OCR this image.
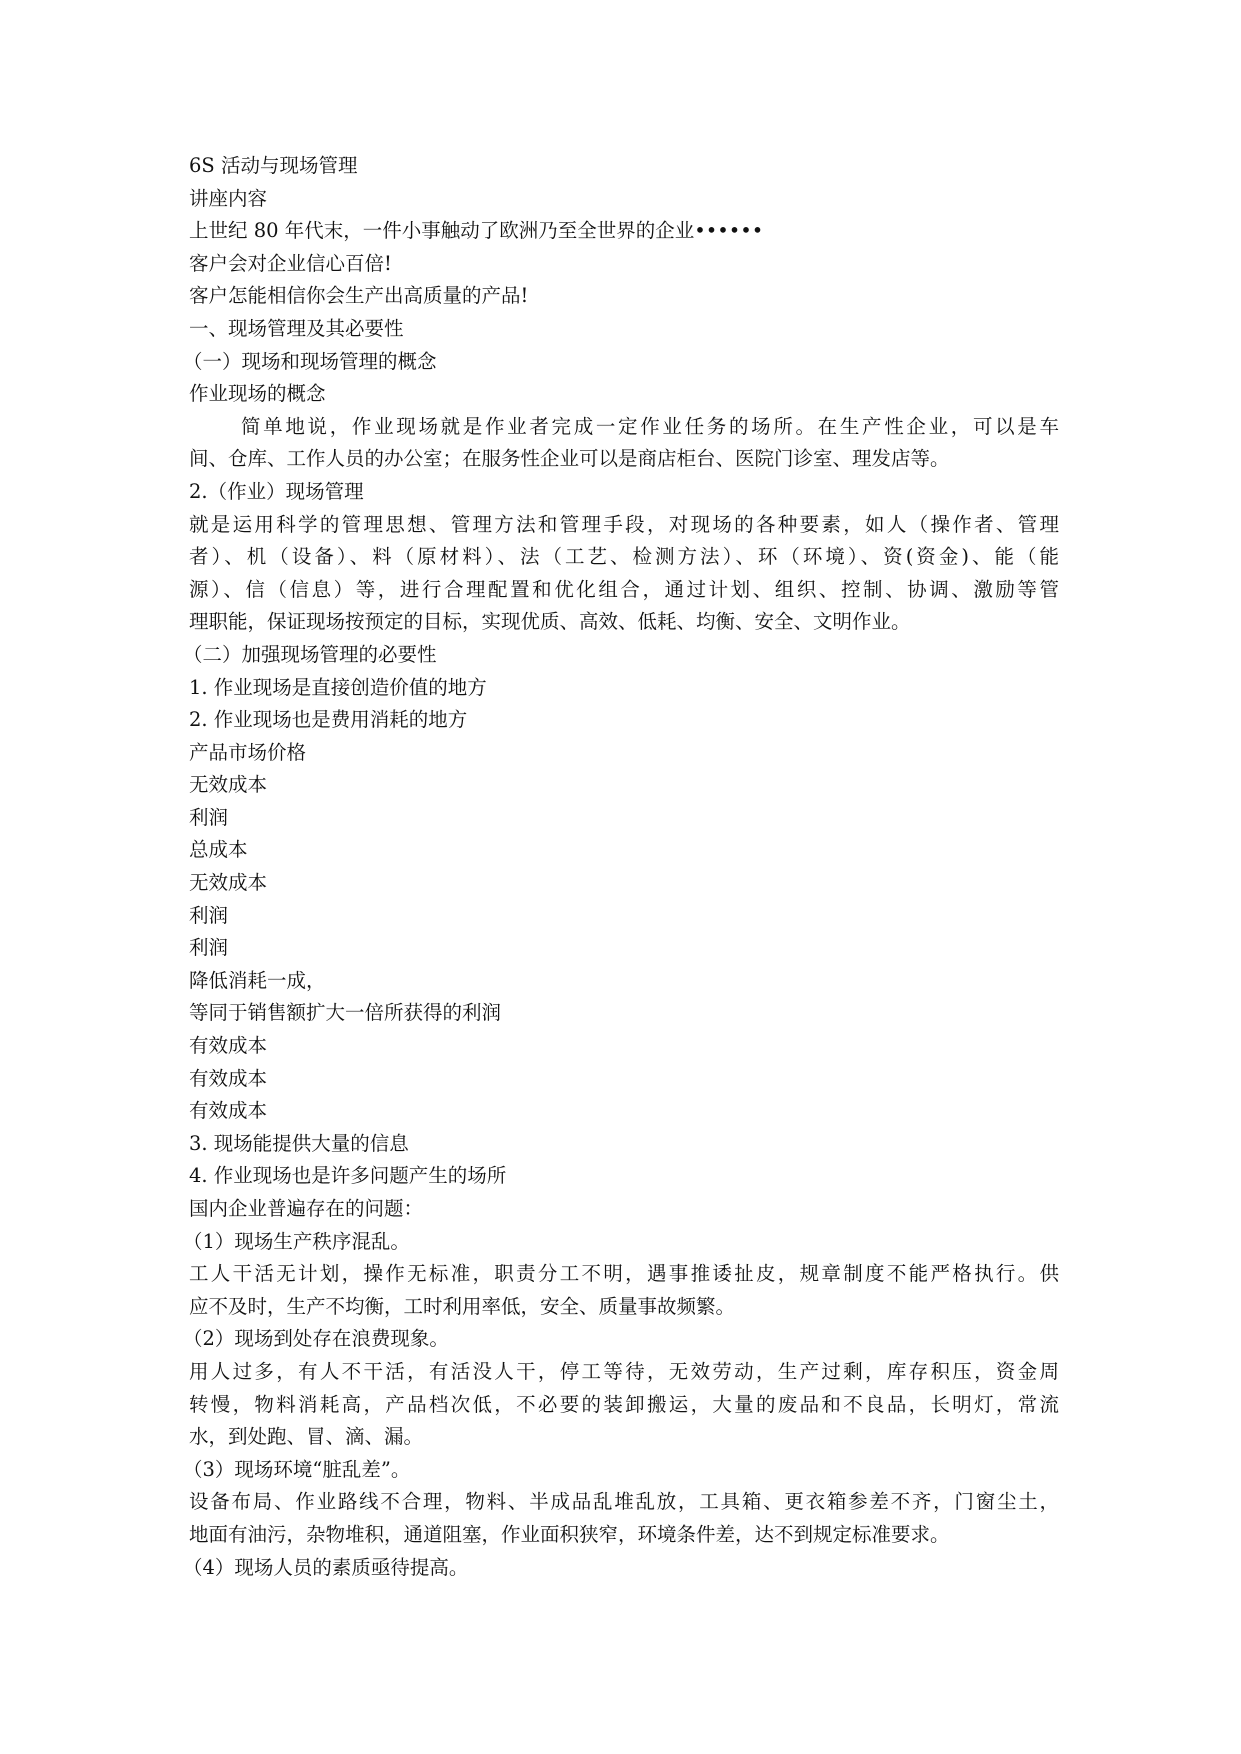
6S 活动与现场管理
讲座内容
上世纪 80 年代末，一件小事触动了欧洲乃至全世界的企业••••••
客户会对企业信心百倍!
客户怎能相信你会生产出高质量的产品!
一、现场管理及其必要性
（一）现场和现场管理的概念
作业现场的概念
简单地说，作业现场就是作业者完成一定作业任务的场所。在生产性企业，可以是车
间、仓库、工作人员的办公室；在服务性企业可以是商店柜台、医院门诊室、理发店等。
2.（作业）现场管理
就是运用科学的管理思想、管理方法和管理手段，对现场的各种要素，如人（操作者、管理
者）、机（设备）、料（原材料）、法（工艺、检测方法）、环（环境）、资(资金)、能（能
源）、信（信息）等，进行合理配置和优化组合，通过计划、组织、控制、协调、激励等管
理职能，保证现场按预定的目标，实现优质、高效、低耗、均衡、安全、文明作业。
（二）加强现场管理的必要性
1. 作业现场是直接创造价值的地方
2. 作业现场也是费用消耗的地方
产品市场价格
无效成本
利润
总成本
无效成本
利润
利润
降低消耗一成，
等同于销售额扩大一倍所获得的利润
有效成本
有效成本
有效成本
3. 现场能提供大量的信息
4. 作业现场也是许多问题产生的场所
国内企业普遍存在的问题：
（1）现场生产秩序混乱。
工人干活无计划，操作无标准，职责分工不明，遇事推诿扯皮，规章制度不能严格执行。供
应不及时，生产不均衡，工时利用率低，安全、质量事故频繁。
（2）现场到处存在浪费现象。
用人过多，有人不干活，有活没人干，停工等待，无效劳动，生产过剩，库存积压，资金周
转慢，物料消耗高，产品档次低，不必要的装卸搬运，大量的废品和不良品，长明灯，常流
水，到处跑、冒、滴、漏。
（3）现场环境“脏乱差”。
设备布局、作业路线不合理，物料、半成品乱堆乱放，工具箱、更衣箱参差不齐，门窗尘土，
地面有油污，杂物堆积，通道阻塞，作业面积狭窄，环境条件差，达不到规定标准要求。
（4）现场人员的素质亟待提高。
